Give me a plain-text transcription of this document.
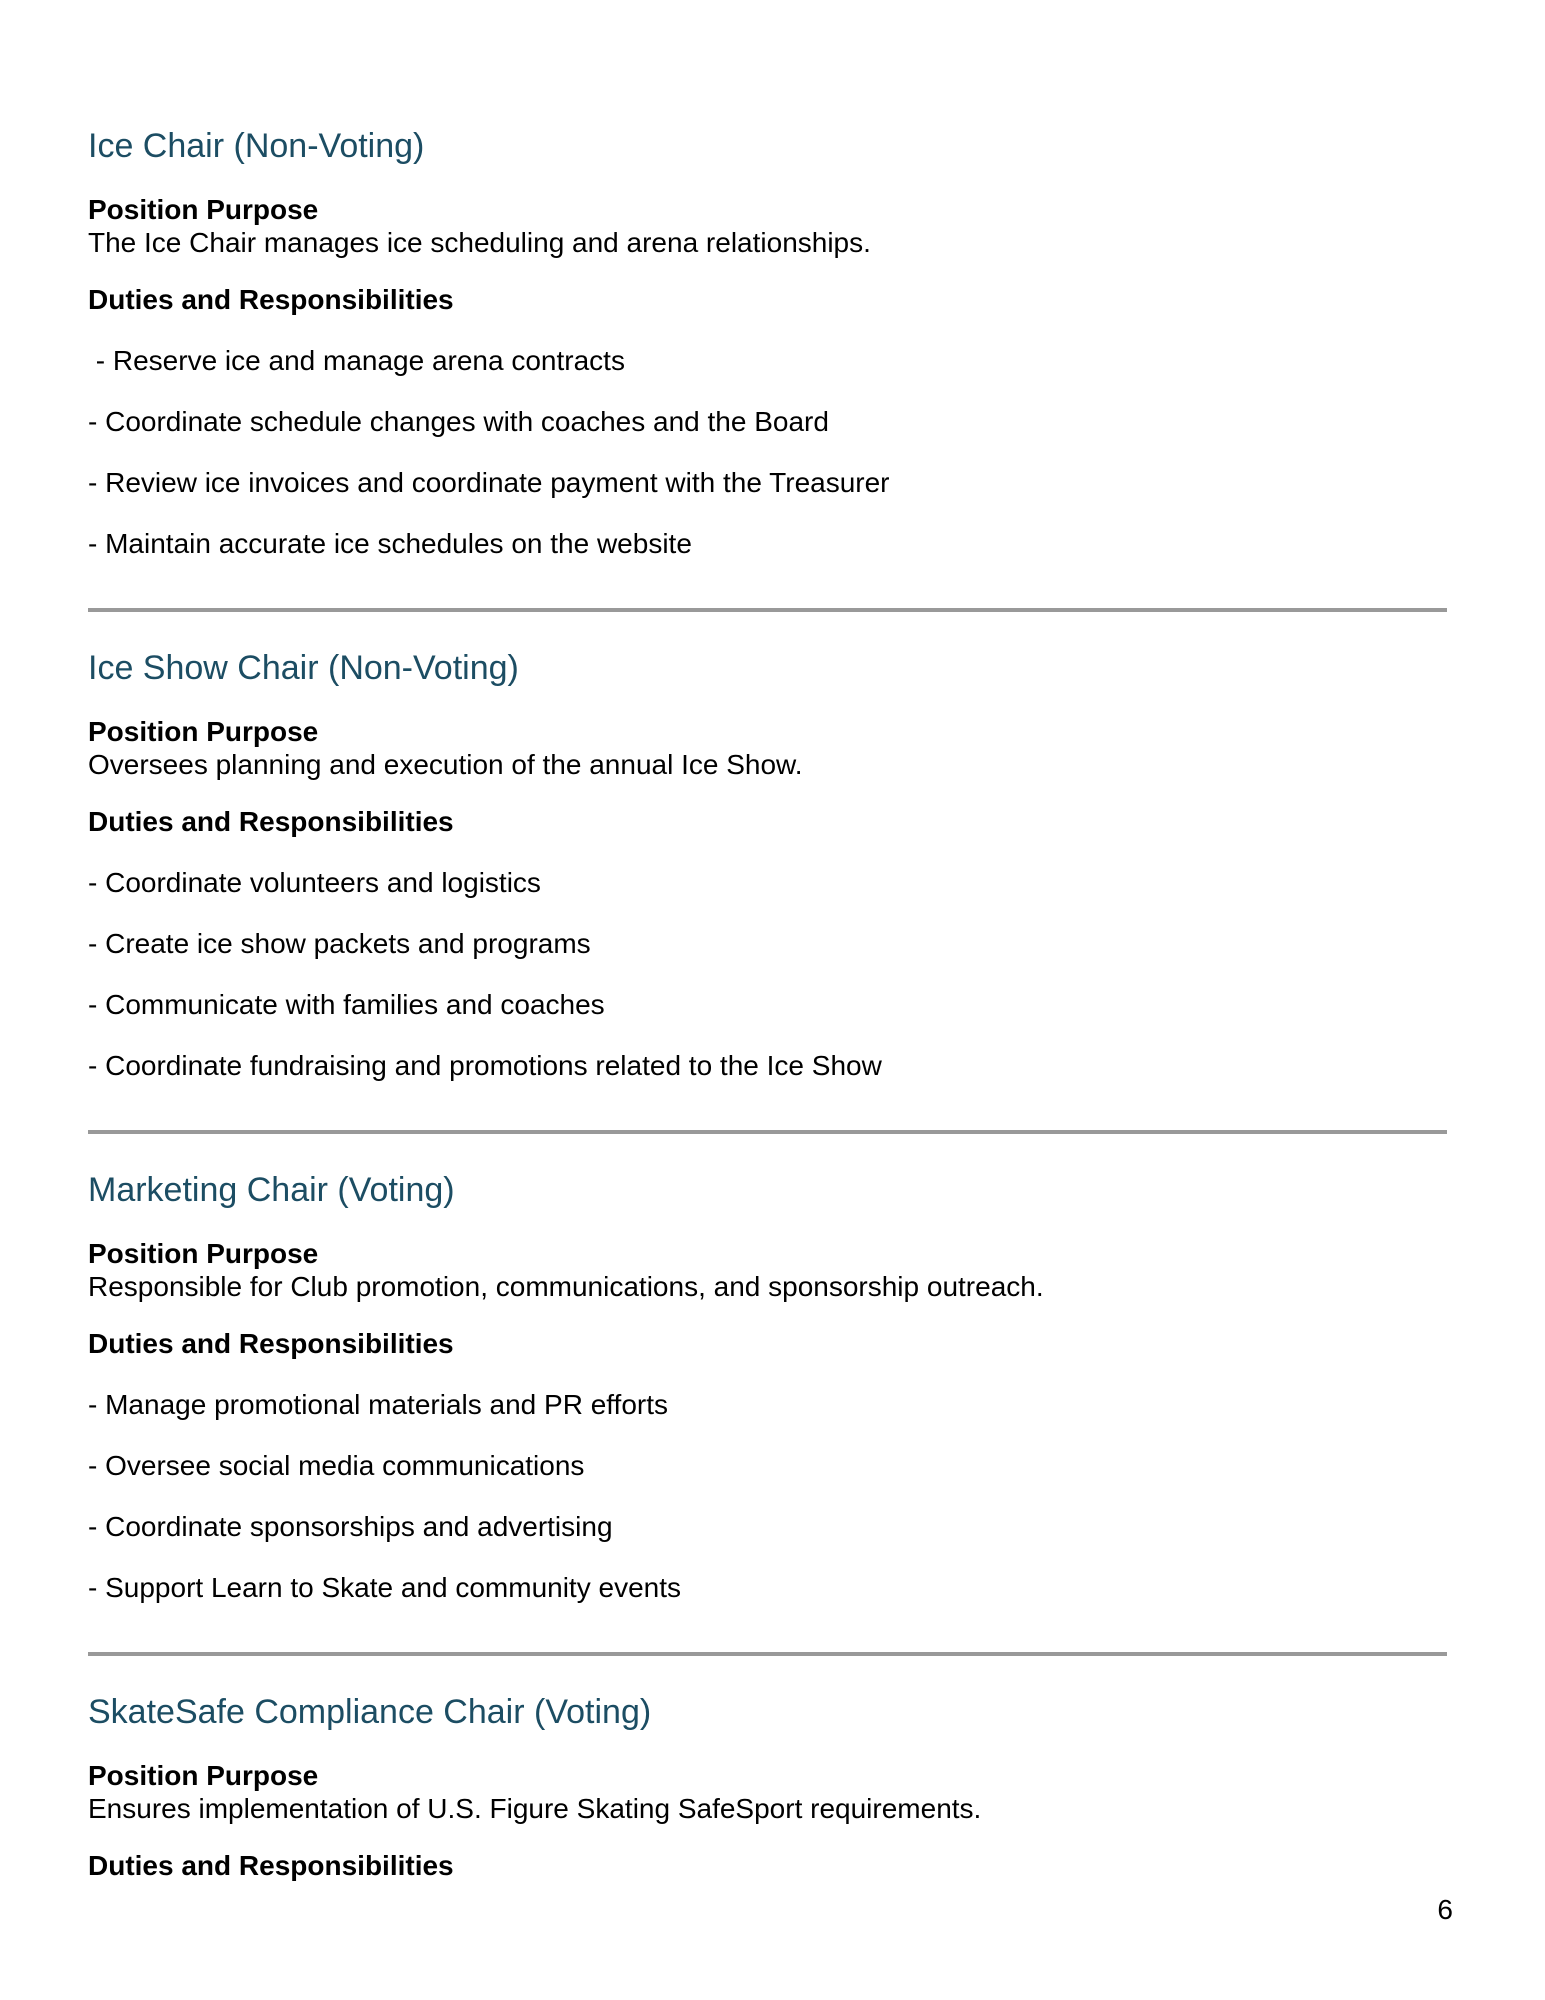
Ice Chair (Non-Voting)

Position Purpose

The Ice Chair manages ice scheduling and arena relationships.

Duties and Responsibilities

- Reserve ice and manage arena contracts
- Coordinate schedule changes with coaches and the Board
- Review ice invoices and coordinate payment with the Treasurer
- Maintain accurate ice schedules on the website
Ice Show Chair (Non-Voting)

Position Purpose

Oversees planning and execution of the annual Ice Show.

Duties and Responsibilities

- Coordinate volunteers and logistics
- Create ice show packets and programs
- Communicate with families and coaches
- Coordinate fundraising and promotions related to the Ice Show
Marketing Chair (Voting)

Position Purpose

Responsible for Club promotion, communications, and sponsorship outreach.

Duties and Responsibilities

- Manage promotional materials and PR efforts
- Oversee social media communications
- Coordinate sponsorships and advertising
- Support Learn to Skate and community events
SkateSafe Compliance Chair (Voting)

Position Purpose

Ensures implementation of U.S. Figure Skating SafeSport requirements.

Duties and Responsibilities

6
